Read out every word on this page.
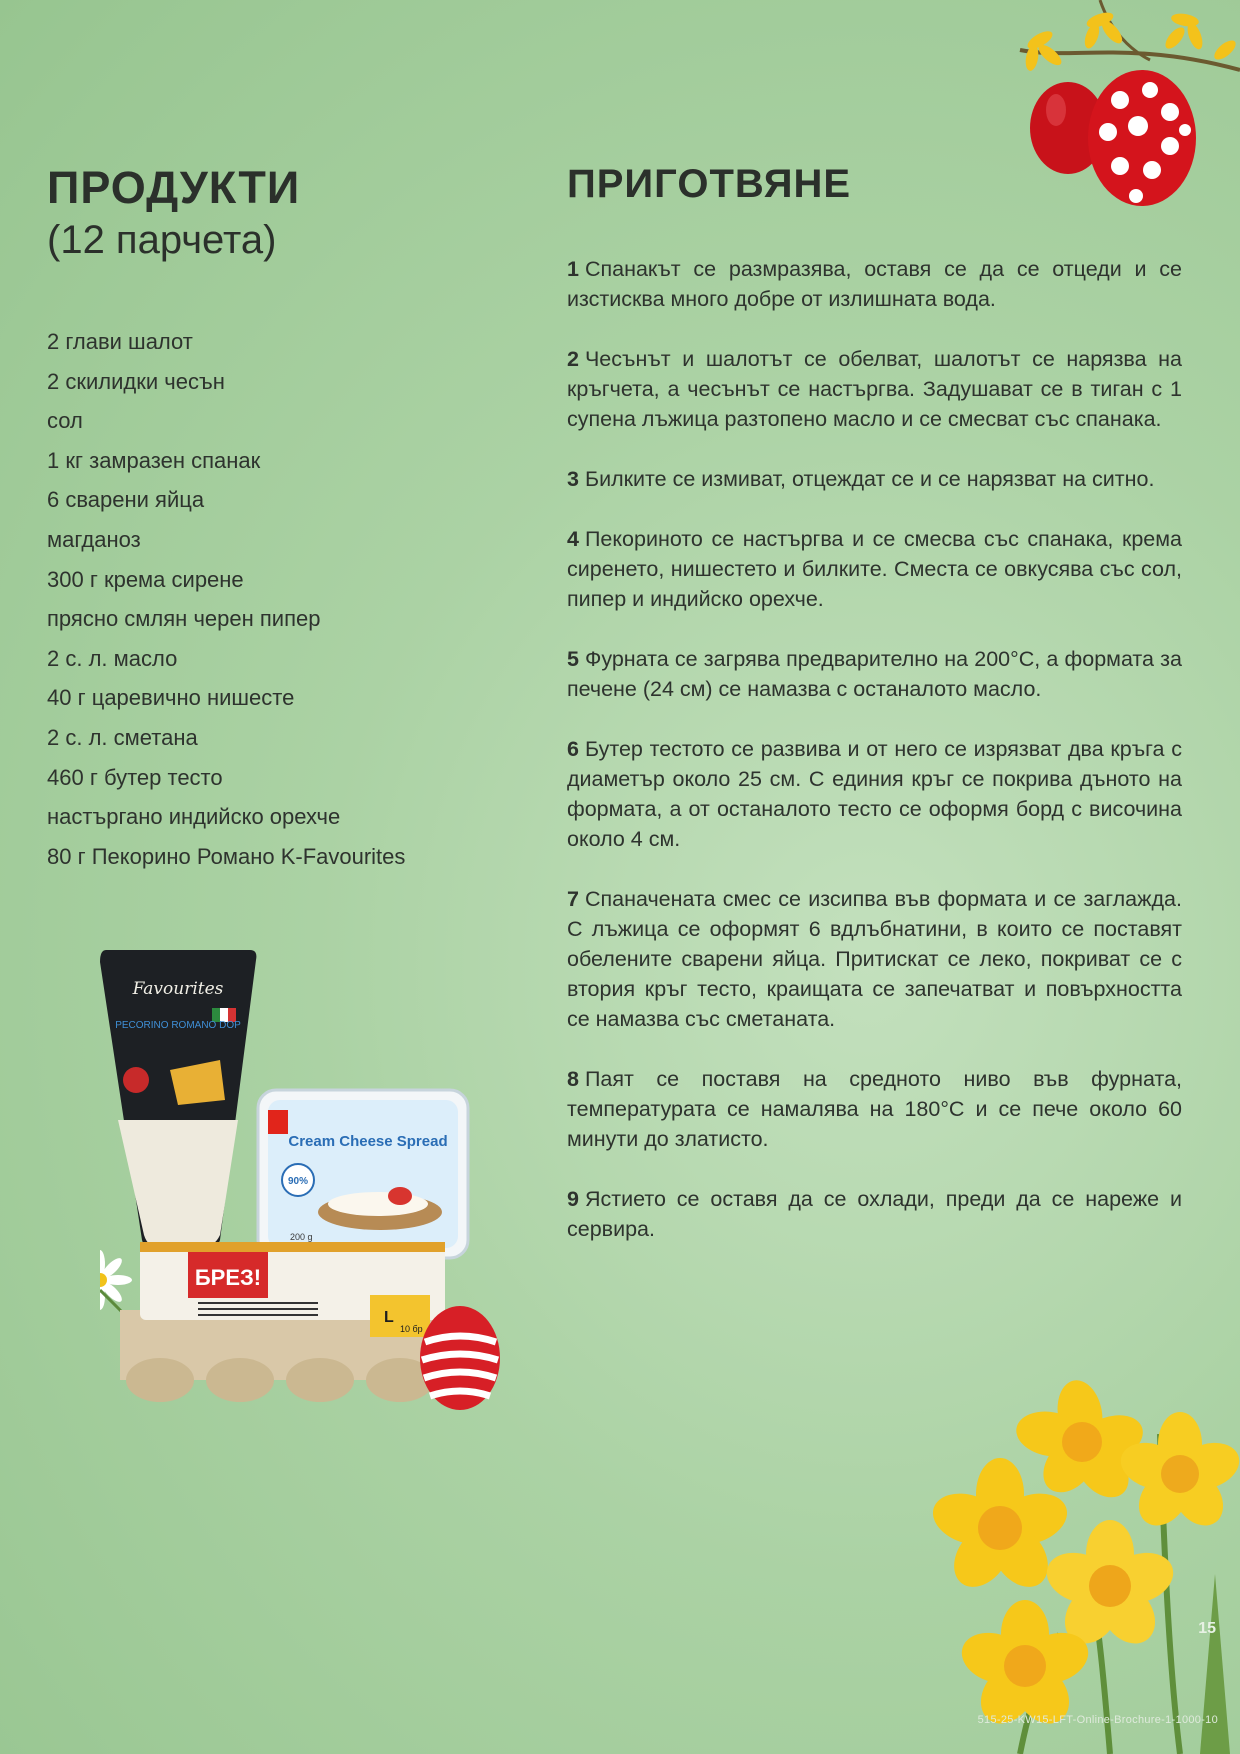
ПРОДУКТИ
(12 парчета)
2 глави шалот
2 скилидки чесън
сол
1 кг замразен спанак
6 сварени яйца
магданоз
300 г крема сирене
прясно смлян черен пипер
2 с. л. масло
40 г царевично нишесте
2 с. л. сметана
460 г бутер тесто
настъргано индийско орехче
80 г Пекорино Романо K-Favourites
Favourites
PECORINO ROMANO DOP
Cream Cheese Spread
90%
200 g
БРЕЗ!
L
10 бр
ПРИГОТВЯНЕ
1 Спанакът се размразява, оставя се да се отцеди и се изстисква много добре от излишната вода.
2 Чесънът и шалотът се обелват, шалотът се нарязва на кръгчета, а чесънът се настъргва. Задушават се в тиган с 1 супена лъжица разтопено масло и се смесват със спанака.
3 Билките се измиват, отцеждат се и се нарязват на ситно.
4 Пекориното се настъргва и се смесва със спанака, крема сиренето, нишестето и билките. Сместа се овкусява със сол, пипер и индийско орехче.
5 Фурната се загрява предварително на 200°C, а формата за печене (24 см) се намазва с останалото масло.
6 Бутер тестото се развива и от него се изрязват два кръга с диаметър около 25 см. С единия кръг се покрива дъното на формата, а от останалото тесто се оформя борд с височина около 4 см.
7 Спаначената смес се изсипва във формата и се заглажда. С лъжица се оформят 6 вдлъбнатини, в които се поставят обелените сварени яйца. Притискат се леко, покриват се с втория кръг тесто, краищата се запечатват и повърхността се намазва със сметаната.
8 Паят се поставя на средното ниво във фурната, температурата се намалява на 180°C и се пече около 60 минути до златисто.
9 Ястието се оставя да се охлади, преди да се нареже и сервира.
15
515-25-KW15-LFT-Online-Brochure-1-1000-10
